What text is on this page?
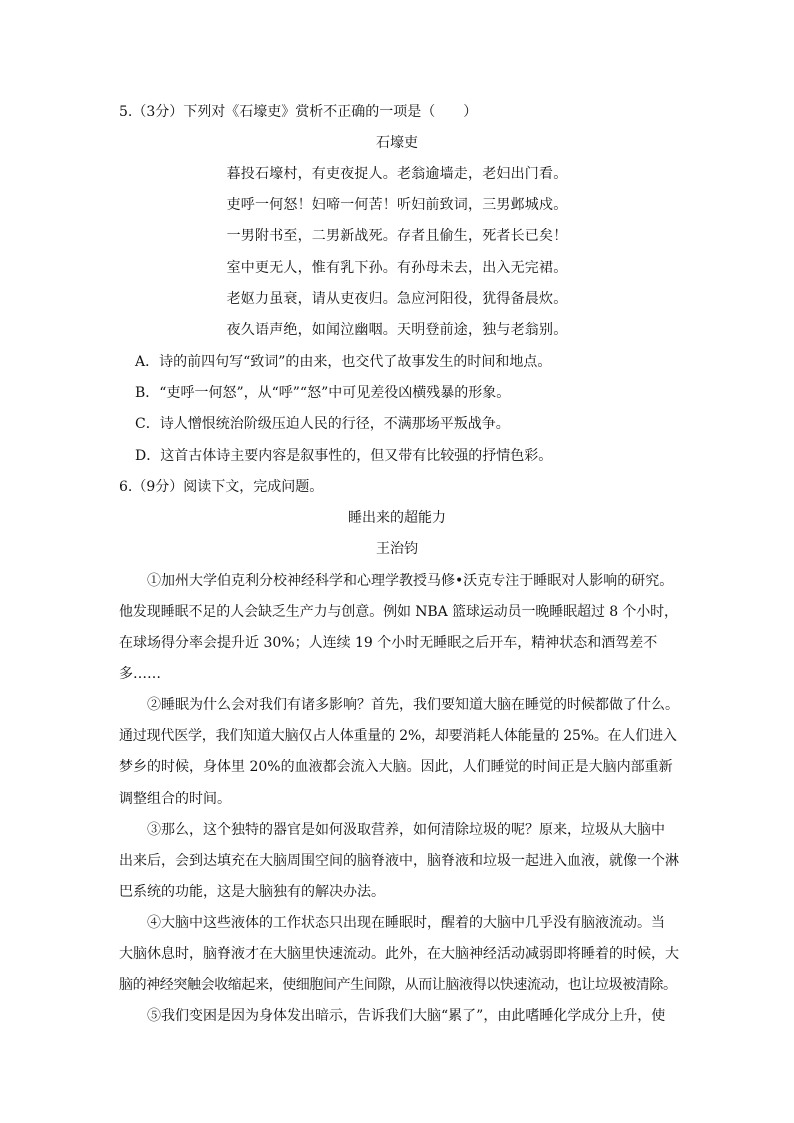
5.（3分）下列对《石壕吏》赏析不正确的一项是（　　）
石壕吏
暮投石壕村，有吏夜捉人。老翁逾墙走，老妇出门看。
吏呼一何怒！妇啼一何苦！听妇前致词，三男邺城戍。
一男附书至，二男新战死。存者且偷生，死者长已矣！
室中更无人，惟有乳下孙。有孙母未去，出入无完裙。
老妪力虽衰，请从吏夜归。急应河阳役，犹得备晨炊。
夜久语声绝，如闻泣幽咽。天明登前途，独与老翁别。
A．诗的前四句写“致词”的由来，也交代了故事发生的时间和地点。
B．“吏呼一何怒”，从“呼”“怒”中可见差役凶横残暴的形象。
C．诗人憎恨统治阶级压迫人民的行径，不满那场平叛战争。
D．这首古体诗主要内容是叙事性的，但又带有比较强的抒情色彩。
6.（9分）阅读下文，完成问题。
睡出来的超能力
王治钧
①加州大学伯克利分校神经科学和心理学教授马修•沃克专注于睡眠对人影响的研究。
他发现睡眠不足的人会缺乏生产力与创意。例如 NBA 篮球运动员一晚睡眠超过 8 个小时，
在球场得分率会提升近 30%；人连续 19 个小时无睡眠之后开车，精神状态和酒驾差不
多……
②睡眠为什么会对我们有诸多影响？首先，我们要知道大脑在睡觉的时候都做了什么。
通过现代医学，我们知道大脑仅占人体重量的 2%，却要消耗人体能量的 25%。在人们进入
梦乡的时候，身体里 20%的血液都会流入大脑。因此，人们睡觉的时间正是大脑内部重新
调整组合的时间。
③那么，这个独特的器官是如何汲取营养，如何清除垃圾的呢？原来，垃圾从大脑中
出来后，会到达填充在大脑周围空间的脑脊液中，脑脊液和垃圾一起进入血液，就像一个淋
巴系统的功能，这是大脑独有的解决办法。
④大脑中这些液体的工作状态只出现在睡眠时，醒着的大脑中几乎没有脑液流动。当
大脑休息时，脑脊液才在大脑里快速流动。此外，在大脑神经活动减弱即将睡着的时候，大
脑的神经突触会收缩起来，使细胞间产生间隙，从而让脑液得以快速流动，也让垃圾被清除。
⑤我们变困是因为身体发出暗示，告诉我们大脑“累了”，由此嗜睡化学成分上升，使
